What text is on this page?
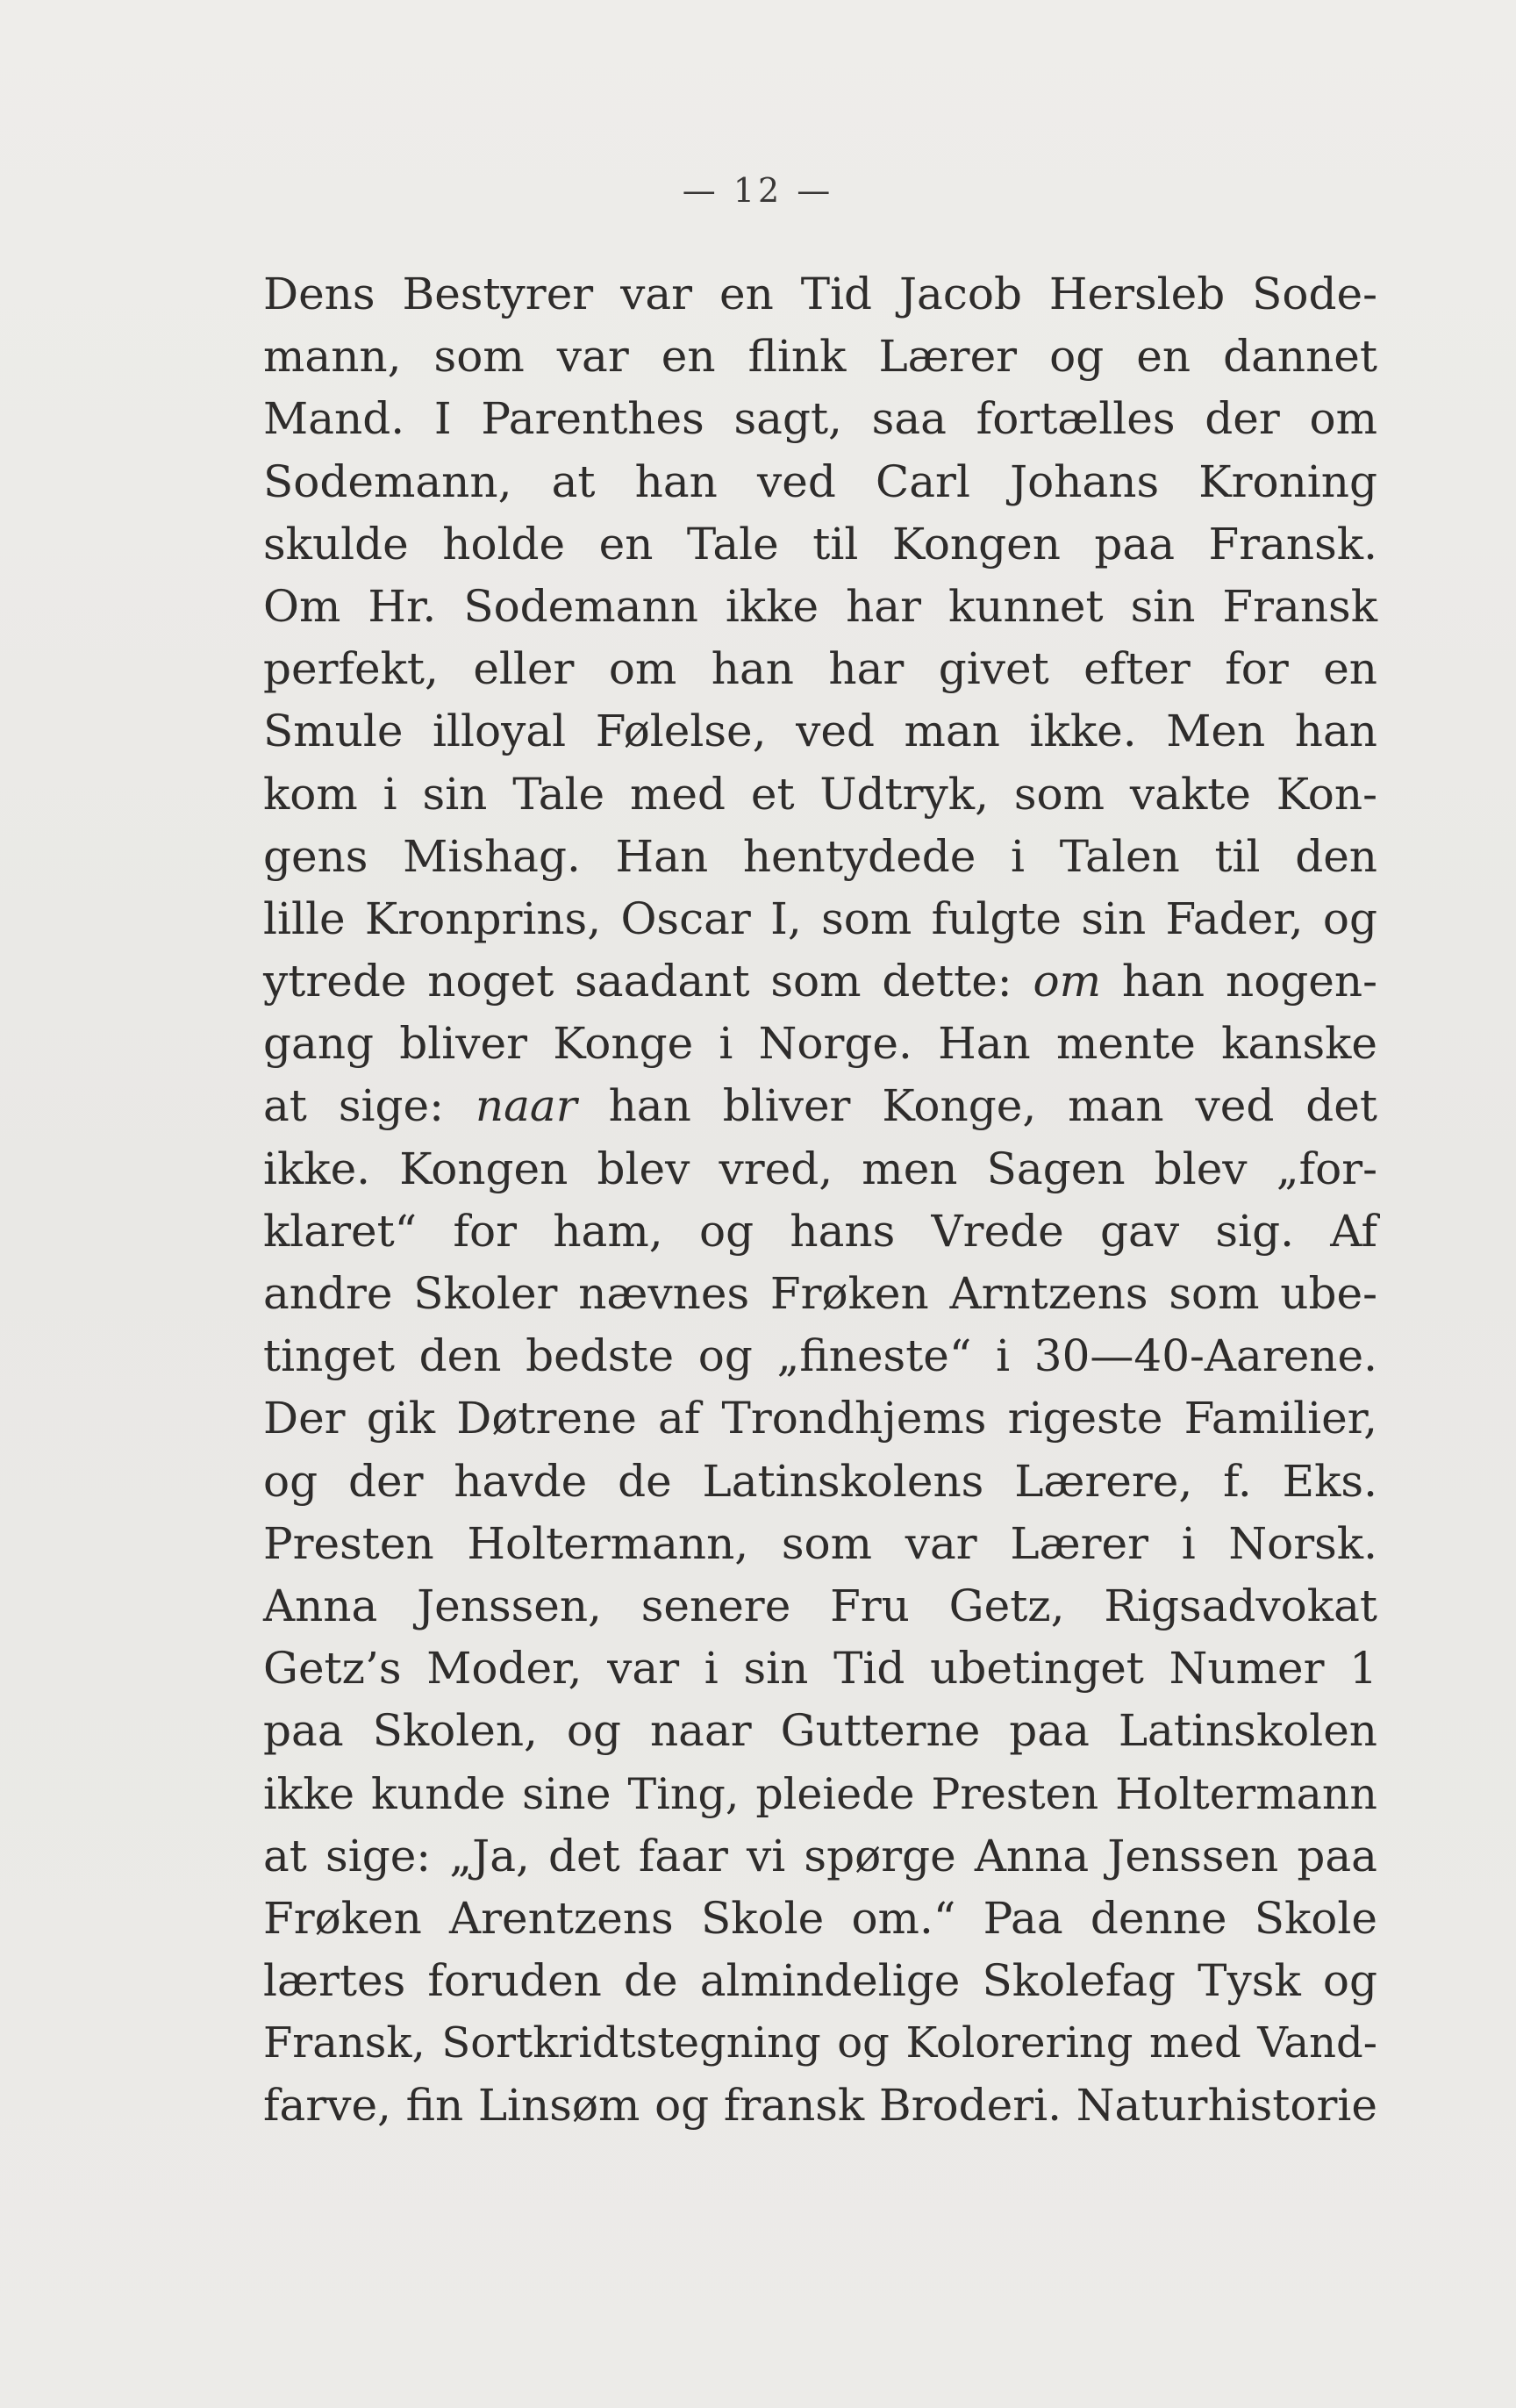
— 12 —
Dens Bestyrer var en Tid Jacob Hersleb Sode-
mann, som var en flink Lærer og en dannet
Mand. I Parenthes sagt, saa fortælles der om
Sodemann, at han ved Carl Johans Kroning
skulde holde en Tale til Kongen paa Fransk.
Om Hr. Sodemann ikke har kunnet sin Fransk
perfekt, eller om han har givet efter for en
Smule illoyal Følelse, ved man ikke. Men han
kom i sin Tale med et Udtryk, som vakte Kon-
gens Mishag. Han hentydede i Talen til den
lille Kronprins, Oscar I, som fulgte sin Fader, og
ytrede noget saadant som dette: om han nogen-
gang bliver Konge i Norge. Han mente kanske
at sige: naar han bliver Konge, man ved det
ikke. Kongen blev vred, men Sagen blev „for-
klaret“ for ham, og hans Vrede gav sig. Af
andre Skoler nævnes Frøken Arntzens som ube-
tinget den bedste og „fineste“ i 30—40-Aarene.
Der gik Døtrene af Trondhjems rigeste Familier,
og der havde de Latinskolens Lærere, f. Eks.
Presten Holtermann, som var Lærer i Norsk.
Anna Jenssen, senere Fru Getz, Rigsadvokat
Getz’s Moder, var i sin Tid ubetinget Numer 1
paa Skolen, og naar Gutterne paa Latinskolen
ikke kunde sine Ting, pleiede Presten Holtermann
at sige: „Ja, det faar vi spørge Anna Jenssen paa
Frøken Arentzens Skole om.“ Paa denne Skole
lærtes foruden de almindelige Skolefag Tysk og
Fransk, Sortkridtstegning og Kolorering med Vand-
farve, fin Linsøm og fransk Broderi. Naturhistorie
